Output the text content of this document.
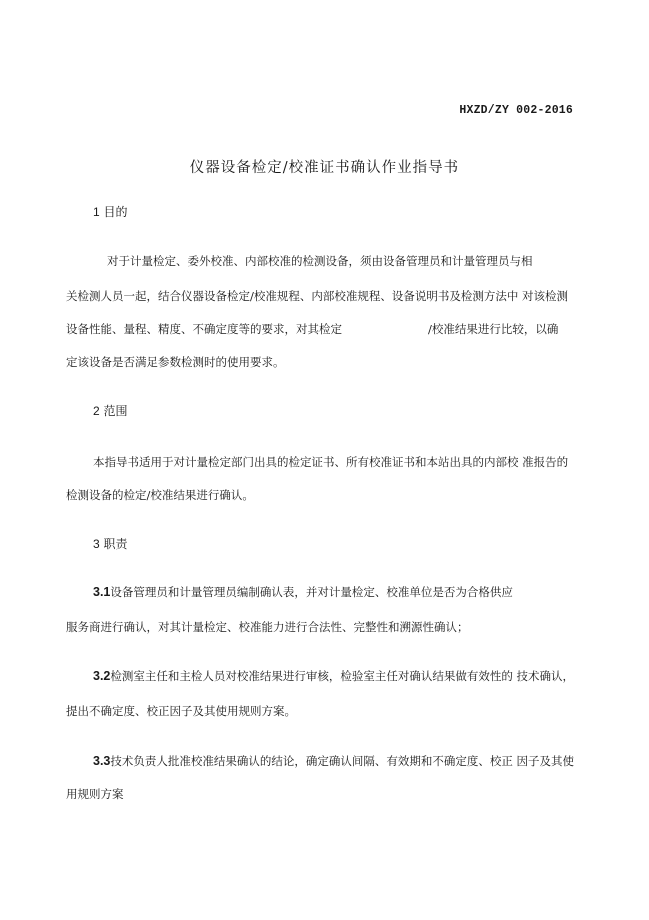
HXZD/ZY 002-2016
仪器设备检定/校准证书确认作业指导书
1 目的
对于计量检定、委外校准、内部校准的检测设备，须由设备管理员和计量管理员与相
关检测人员一起，结合仪器设备检定/校准规程、内部校准规程、设备说明书及检测方法中 对该检测
设备性能、量程、精度、不确定度等的要求，对其检定	/校准结果进行比较，以确
定该设备是否满足参数检测时的使用要求。
2 范围
本指导书适用于对计量检定部门出具的检定证书、所有校准证书和本站出具的内部校 准报告的
检测设备的检定/校准结果进行确认。
3 职责
3.1设备管理员和计量管理员编制确认表，并对计量检定、校准单位是否为合格供应
服务商进行确认，对其计量检定、校准能力进行合法性、完整性和溯源性确认；
3.2检测室主任和主检人员对校准结果进行审核，检验室主任对确认结果做有效性的 技术确认，
提出不确定度、校正因子及其使用规则方案。
3.3技术负责人批准校准结果确认的结论，确定确认间隔、有效期和不确定度、校正 因子及其使
用规则方案
